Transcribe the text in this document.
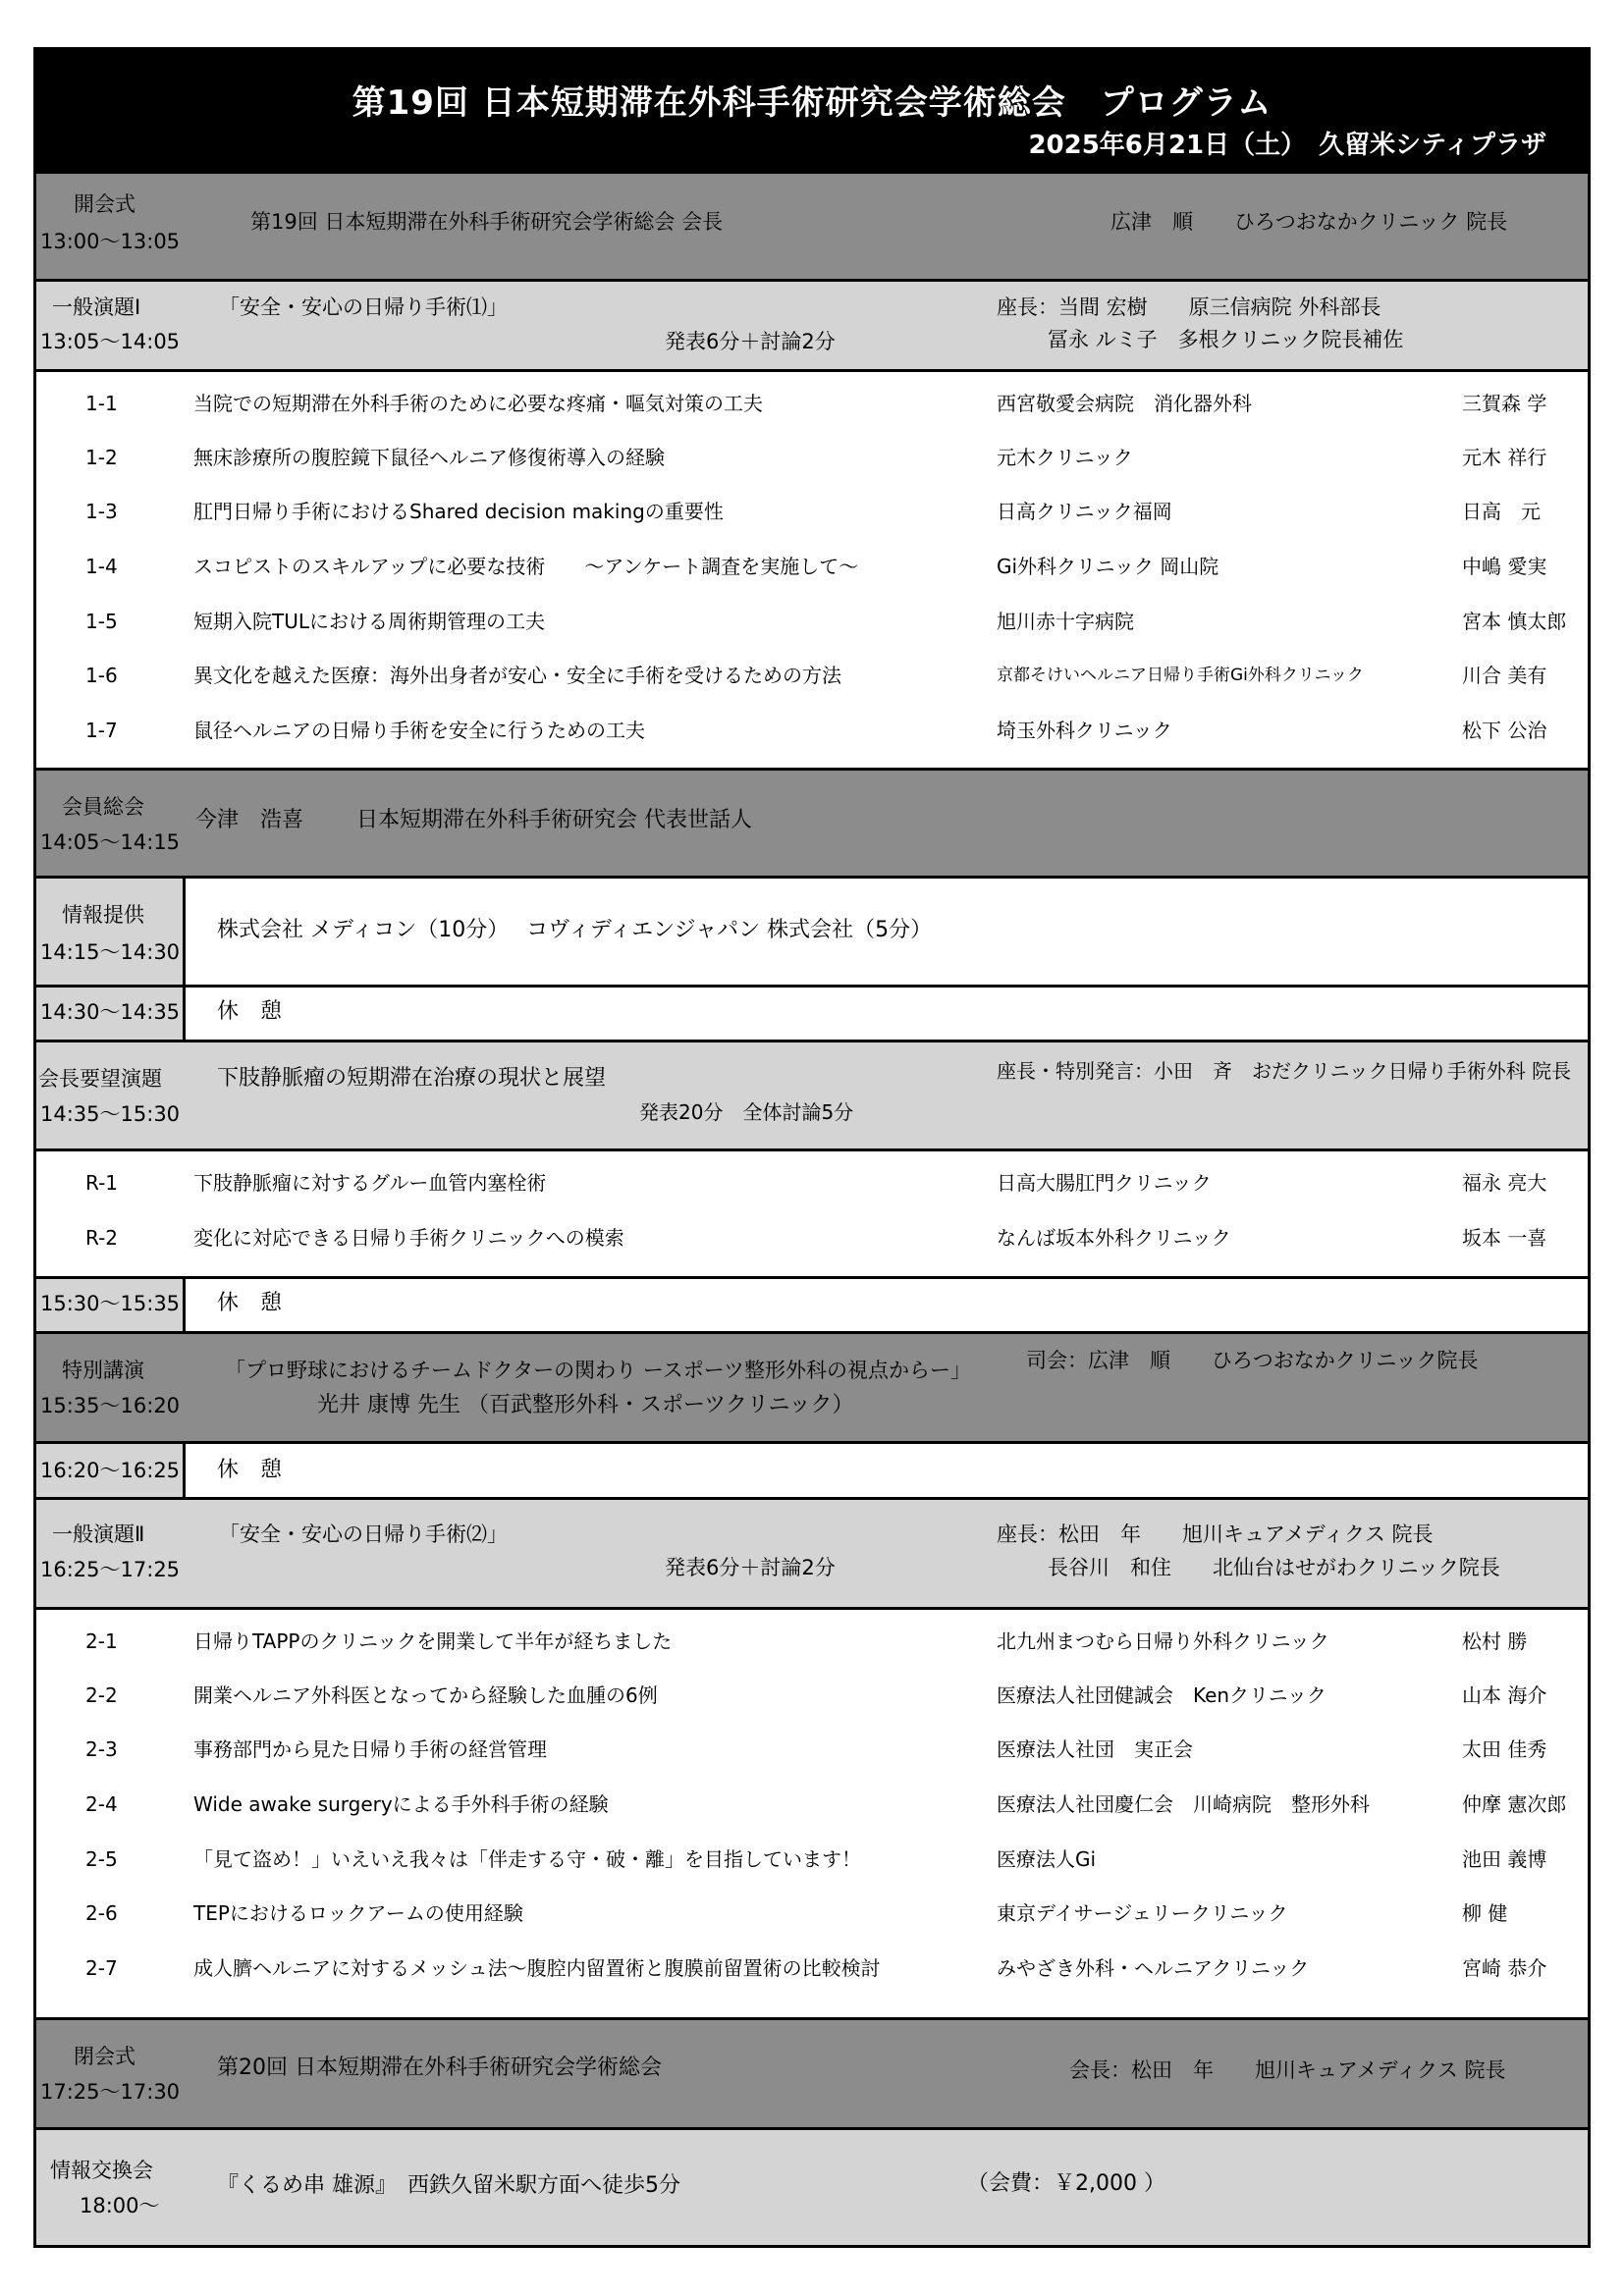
第19回 日本短期滞在外科手術研究会学術総会　プログラム
2025年6月21日（土）　久留米シティプラザ
開会式
13:00～13:05
第19回 日本短期滞在外科手術研究会学術総会 会長	広津　順　　ひろつおなかクリニック 院長
一般演題Ⅰ
13:05～14:05
「安全・安心の日帰り手術⑴」
発表6分＋討論2分
座長：当間 宏樹　　原三信病院 外科部長
冨永 ルミ子　多根クリニック院長補佐
1-1	当院での短期滞在外科手術のために必要な疼痛・嘔気対策の工夫	西宮敬愛会病院　消化器外科	三賀森 学
1-2	無床診療所の腹腔鏡下鼠径ヘルニア修復術導入の経験	元木クリニック	元木 祥行
1-3	肛門日帰り手術におけるShared decision makingの重要性	日高クリニック福岡	日高　元
1-4	スコピストのスキルアップに必要な技術　　～アンケート調査を実施して～	Gi外科クリニック 岡山院	中嶋 愛実
1-5	短期入院TULにおける周術期管理の工夫	旭川赤十字病院	宮本 慎太郎
1-6	異文化を越えた医療：海外出身者が安心・安全に手術を受けるための方法	京都そけいヘルニア日帰り手術Gi外科クリニック	川合 美有
1-7	鼠径ヘルニアの日帰り手術を安全に行うための工夫	埼玉外科クリニック	松下 公治
会員総会
14:05～14:15
今津　浩喜 日本短期滞在外科手術研究会 代表世話人
情報提供
14:15～14:30
株式会社 メディコン（10分）　 コヴィディエンジャパン 株式会社（5分）
14:30～14:35 休　憩
会長要望演題
14:35～15:30
下肢静脈瘤の短期滞在治療の現状と展望
発表20分　全体討論5分
座長・特別発言：小田　斉　おだクリニック日帰り手術外科 院長
R-1	下肢静脈瘤に対するグルー血管内塞栓術	日高大腸肛門クリニック	福永 亮大
R-2	変化に対応できる日帰り手術クリニックへの模索	なんば坂本外科クリニック	坂本 一喜
15:30～15:35 休　憩
特別講演
15:35～16:20
「プロ野球におけるチームドクターの関わり ースポーツ整形外科の視点からー」
光井 康博 先生 （百武整形外科・スポーツクリニック）
司会：広津　順　　ひろつおなかクリニック院長
16:20～16:25 休　憩
一般演題Ⅱ
16:25～17:25
「安全・安心の日帰り手術⑵」
発表6分＋討論2分
座長：松田　年　　旭川キュアメディクス 院長
長谷川　和住　　北仙台はせがわクリニック院長
2-1	日帰りTAPPのクリニックを開業して半年が経ちました	北九州まつむら日帰り外科クリニック	松村 勝
2-2	開業ヘルニア外科医となってから経験した血腫の6例	医療法人社団健誠会　Kenクリニック	山本 海介
2-3	事務部門から見た日帰り手術の経営管理	医療法人社団　実正会	太田 佳秀
2-4	Wide awake surgeryによる手外科手術の経験	医療法人社団慶仁会　川崎病院　整形外科	仲摩 憲次郎
2-5	「見て盗め！」いえいえ我々は「伴走する守・破・離」を目指しています！	医療法人Gi	池田 義博
2-6	TEPにおけるロックアームの使用経験	東京デイサージェリークリニック	柳 健
2-7	成人臍ヘルニアに対するメッシュ法～腹腔内留置術と腹膜前留置術の比較検討	みやざき外科・ヘルニアクリニック	宮崎 恭介
閉会式
17:25～17:30
第20回 日本短期滞在外科手術研究会学術総会	会長：松田　年　　旭川キュアメディクス 院長
情報交換会
18:00～
『くるめ串 雄源』　西鉄久留米駅方面へ徒歩5分	（会費：￥2,000 ）
